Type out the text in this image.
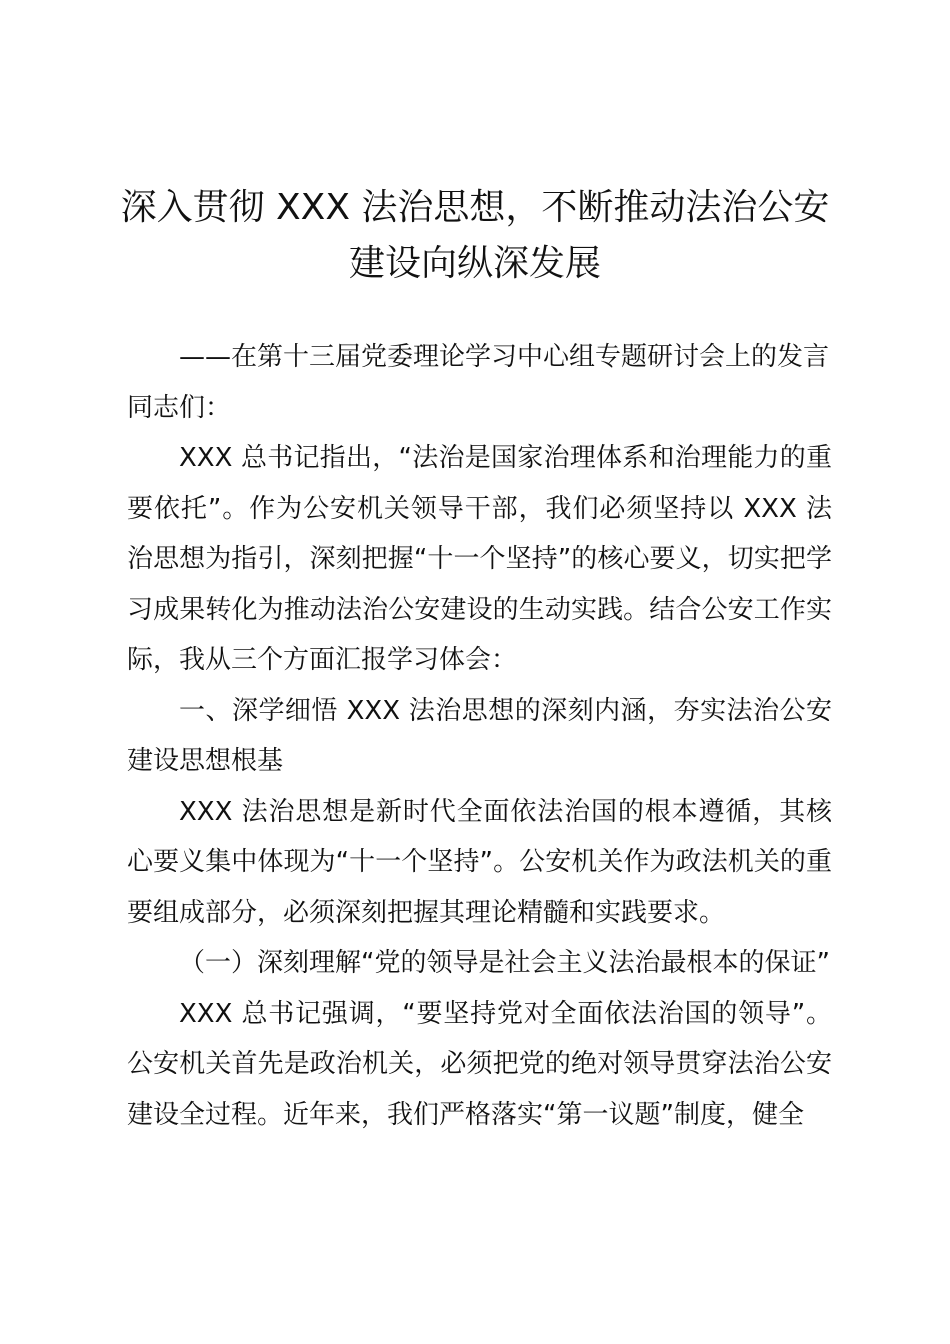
深入贯彻 XXX 法治思想，不断推动法治公安
建设向纵深发展

——在第十三届党委理论学习中心组专题研讨会上的发言

同志们：

XXX 总书记指出，“法治是国家治理体系和治理能力的重要依托”。作为公安机关领导干部，我们必须坚持以 XXX 法治思想为指引，深刻把握“十一个坚持”的核心要义，切实把学习成果转化为推动法治公安建设的生动实践。结合公安工作实际，我从三个方面汇报学习体会：

一、深学细悟 XXX 法治思想的深刻内涵，夯实法治公安建设思想根基

XXX 法治思想是新时代全面依法治国的根本遵循，其核心要义集中体现为“十一个坚持”。公安机关作为政法机关的重要组成部分，必须深刻把握其理论精髓和实践要求。

（一）深刻理解“党的领导是社会主义法治最根本的保证”

XXX 总书记强调，“要坚持党对全面依法治国的领导”。公安机关首先是政治机关，必须把党的绝对领导贯穿法治公安建设全过程。近年来，我们严格落实“第一议题”制度，健全
